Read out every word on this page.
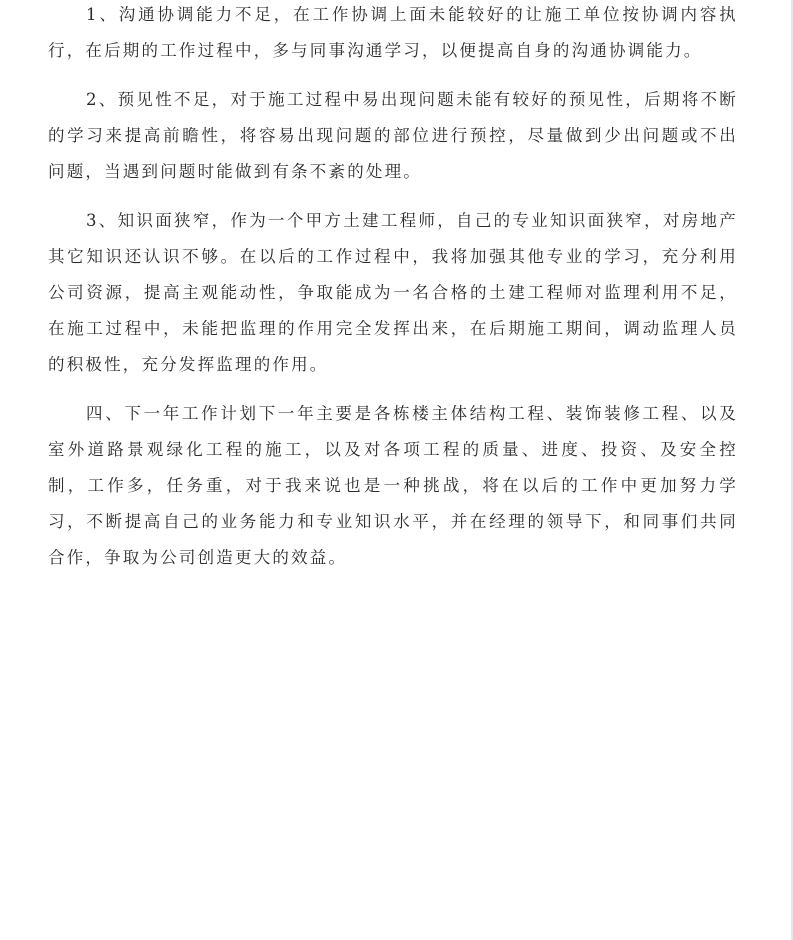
1、沟通协调能力不足，在工作协调上面未能较好的让施工单位按协调内容执行，在后期的工作过程中，多与同事沟通学习，以便提高自身的沟通协调能力。

2、预见性不足，对于施工过程中易出现问题未能有较好的预见性，后期将不断的学习来提高前瞻性，将容易出现问题的部位进行预控，尽量做到少出问题或不出问题，当遇到问题时能做到有条不紊的处理。

3、知识面狭窄，作为一个甲方土建工程师，自己的专业知识面狭窄，对房地产其它知识还认识不够。在以后的工作过程中，我将加强其他专业的学习，充分利用公司资源，提高主观能动性，争取能成为一名合格的土建工程师对监理利用不足，在施工过程中，未能把监理的作用完全发挥出来，在后期施工期间，调动监理人员的积极性，充分发挥监理的作用。

四、下一年工作计划下一年主要是各栋楼主体结构工程、装饰装修工程、以及室外道路景观绿化工程的施工，以及对各项工程的质量、进度、投资、及安全控制，工作多，任务重，对于我来说也是一种挑战，将在以后的工作中更加努力学习，不断提高自己的业务能力和专业知识水平，并在经理的领导下，和同事们共同合作，争取为公司创造更大的效益。
